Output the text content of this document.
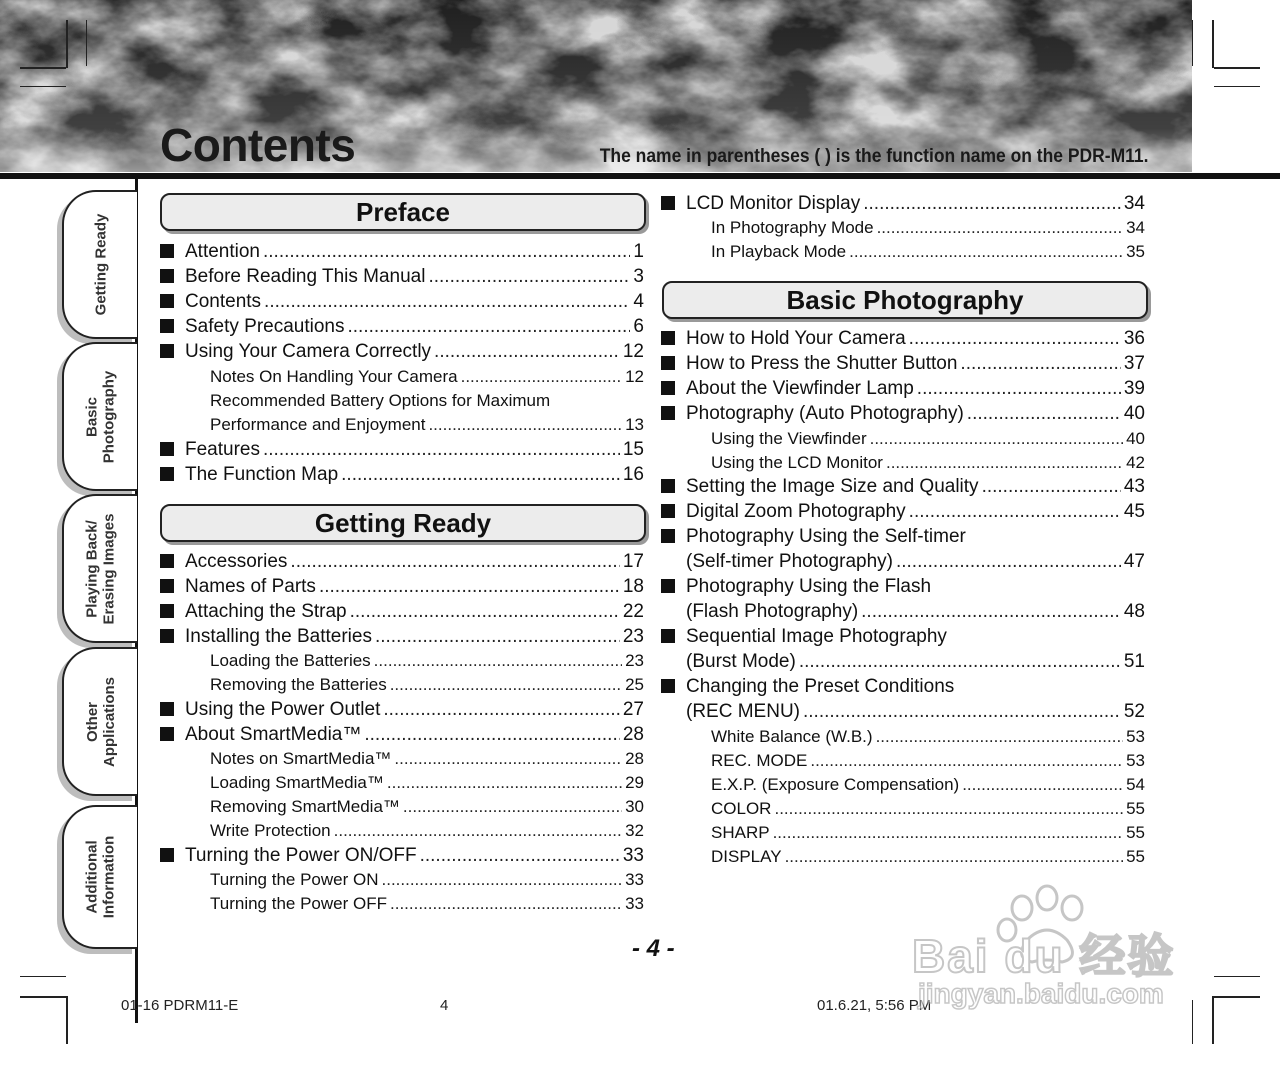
Contents	The name in parentheses ( ) is the function name on the PDR-M11.
Getting Ready
Basic
Photography
Playing Back/
Erasing Images
Other
Applications
Additional
Information
Preface
Attention .....	1
Before Reading This Manual .....	3
Contents .....	4
Safety Precautions .....	6
Using Your Camera Correctly .....	12
Notes On Handling Your Camera .....	12
Recommended Battery Options for Maximum
Performance and Enjoyment .....	13
Features .....	15
The Function Map .....	16
Getting Ready
Accessories .....	17
Names of Parts .....	18
Attaching the Strap .....	22
Installing the Batteries .....	23
Loading the Batteries .....	23
Removing the Batteries .....	25
Using the Power Outlet .....	27
About SmartMedia™ .....	28
Notes on SmartMedia™ .....	28
Loading SmartMedia™ .....	29
Removing SmartMedia™ .....	30
Write Protection .....	32
Turning the Power ON/OFF .....	33
Turning the Power ON .....	33
Turning the Power OFF .....	33
LCD Monitor Display .....	34
In Photography Mode .....	34
In Playback Mode .....	35
Basic Photography
How to Hold Your Camera .....	36
How to Press the Shutter Button .....	37
About the Viewfinder Lamp .....	39
Photography (Auto Photography) .....	40
Using the Viewfinder .....	40
Using the LCD Monitor .....	42
Setting the Image Size and Quality .....	43
Digital Zoom Photography .....	45
Photography Using the Self-timer
(Self-timer Photography) .....	47
Photography Using the Flash
(Flash Photography) .....	48
Sequential Image Photography
(Burst Mode) .....	51
Changing the Preset Conditions
(REC MENU) .....	52
White Balance (W.B.) .....	53
REC. MODE .....	53
E.X.P. (Exposure Compensation) .....	54
COLOR .....	55
SHARP .....	55
DISPLAY .....	55
- 4 -
01-16 PDRM11-E	4	01.6.21, 5:56 PM
Bai du 经验
jingyan.baidu.com
